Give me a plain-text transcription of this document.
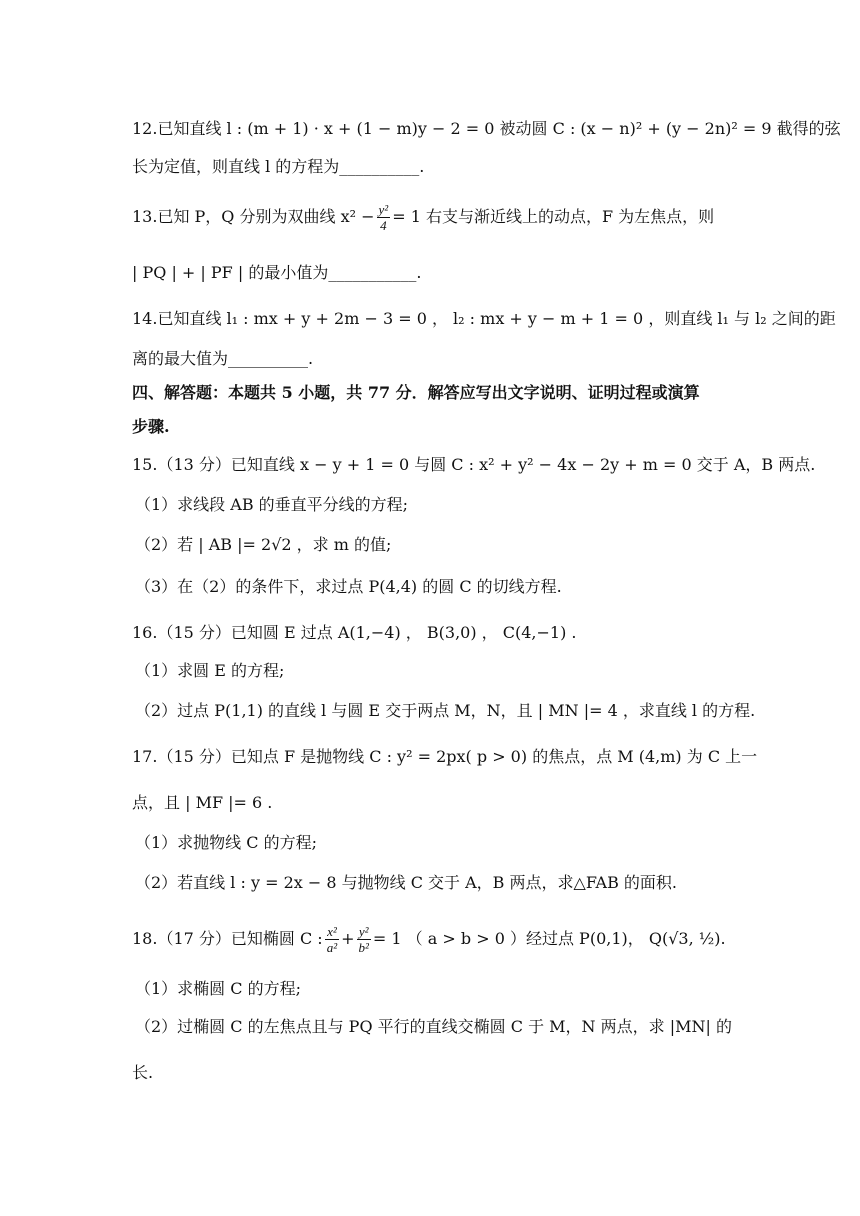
12.已知直线 l : (m + 1) · x + (1 − m)y − 2 = 0 被动圆 C : (x − n)² + (y − 2n)² = 9 截得的弦
长为定值，则直线 l 的方程为__________.
13.已知 P，Q 分别为双曲线 $x^2 - \frac{\text{y²}}{4} = 1$ 右支与渐近线上的动点，F 为左焦点，则
| PQ | + | PF | 的最小值为___________.
14.已知直线 l₁ : mx + y + 2m − 3 = 0 ， l₂ : mx + y − m + 1 = 0 ，则直线 l₁ 与 l₂ 之间的距
离的最大值为__________.
四、解答题：本题共 5 小题，共 77 分．解答应写出文字说明、证明过程或演算
步骤.
15.（13 分）已知直线 x − y + 1 = 0 与圆 C : x² + y² − 4x − 2y + m = 0 交于 A，B 两点.
（1）求线段 AB 的垂直平分线的方程;
（2）若 | AB |= 2√2 ，求 m 的值;
（3）在（2）的条件下，求过点 P(4,4) 的圆 C 的切线方程.
16.（15 分）已知圆 E 过点 A(1,−4) ， B(3,0) ， C(4,−1) .
（1）求圆 E 的方程;
（2）过点 P(1,1) 的直线 l 与圆 E 交于两点 M，N，且 | MN |= 4 ，求直线 l 的方程.
17.（15 分）已知点 F 是抛物线 C : y² = 2px( p > 0) 的焦点，点 M (4,m) 为 C 上一
点，且 | MF |= 6 .
（1）求抛物线 C 的方程;
（2）若直线 l : y = 2x − 8 与抛物线 C 交于 A，B 两点，求△FAB 的面积.
18.（17 分）已知椭圆 C : $\frac{\text{x²}}{\text{a²}} + \frac{\text{y²}}{\text{b²}} = 1$ （ a > b > 0 ）经过点 P(0,1)， Q(√3, ½).
（1）求椭圆 C 的方程;
（2）过椭圆 C 的左焦点且与 PQ 平行的直线交椭圆 C 于 M，N 两点，求 |MN| 的
长.
